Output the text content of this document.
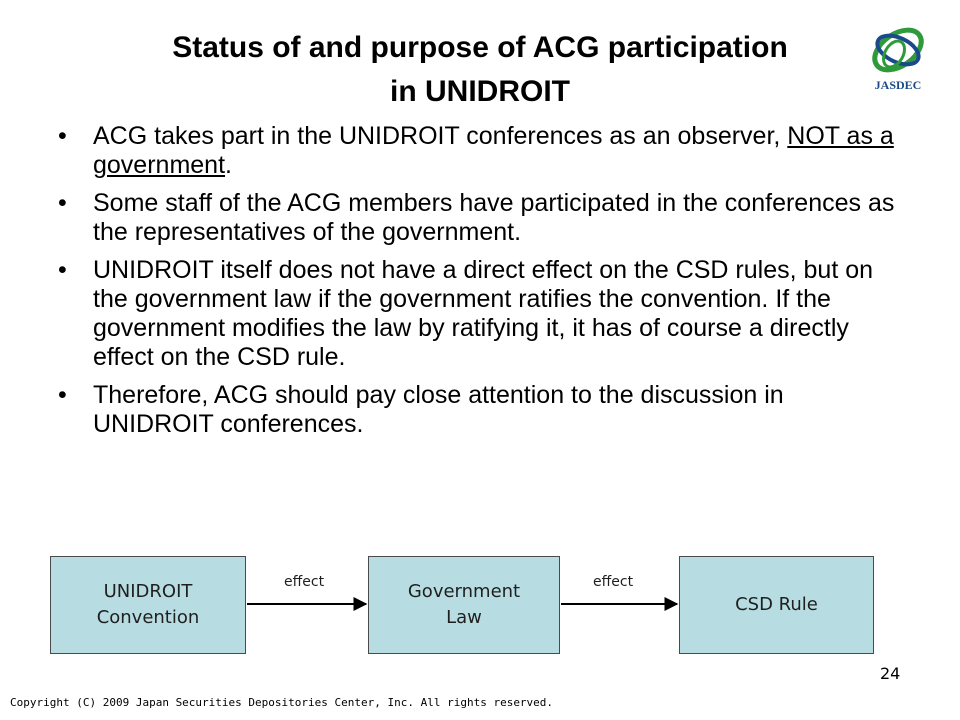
Status of and purpose of ACG participation
in UNIDROIT	JASDEC
• ACG takes part in the UNIDROIT conferences as an observer, NOT as a government.
• Some staff of the ACG members have participated in the conferences as the representatives of the government.
• UNIDROIT itself does not have a direct effect on the CSD rules, but on the government law if the government ratifies the convention. If the government modifies the law by ratifying it, it has of course a directly effect on the CSD rule.
• Therefore, ACG should pay close attention to the discussion in UNIDROIT conferences.
UNIDROIT
Convention
Government
Law
CSD Rule
effect	effect
24
Copyright (C) 2009 Japan Securities Depositories Center, Inc. All rights reserved.
